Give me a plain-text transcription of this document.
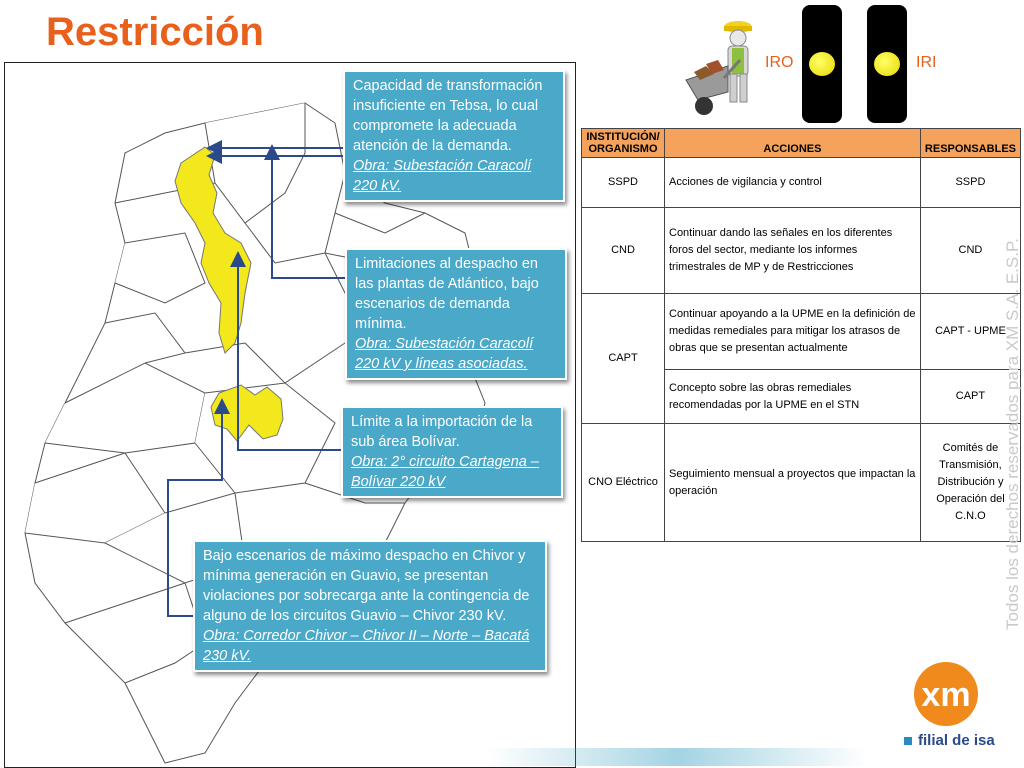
Restricción
IRO	IRI
Capacidad de transformación insuficiente en Tebsa, lo cual compromete la adecuada atención de la demanda.
Obra: Subestación Caracolí 220 kV.
Limitaciones al despacho en las plantas de Atlántico, bajo escenarios de demanda mínima.
Obra: Subestación Caracolí 220 kV y líneas asociadas.
Límite a la importación de la sub área Bolívar.
Obra: 2° circuito Cartagena – Bolívar 220 kV
Bajo escenarios de máximo despacho en Chivor y mínima generación en Guavio, se presentan violaciones por sobrecarga ante la contingencia de alguno de los circuitos Guavio – Chivor 230 kV.
Obra: Corredor Chivor – Chivor II – Norte – Bacatá 230 kV.
INSTITUCIÓN/ ORGANISMO	ACCIONES	RESPONSABLES
SSPD	Acciones de vigilancia y control	SSPD
CND	Continuar dando las señales en los diferentes foros del sector, mediante los informes trimestrales de MP y de Restricciones	CND
CAPT	Continuar apoyando a la UPME en la definición de medidas remediales para mitigar los atrasos de obras que se presentan actualmente	CAPT - UPME
	Concepto sobre las obras remediales recomendadas por la UPME en el STN	CAPT
CNO Eléctrico	Seguimiento mensual a proyectos que impactan la operación	Comités de Transmisión, Distribución y Operación del C.N.O Todos los derechos reservados para XM S.A. E.S.P.
xm
filial de isa
